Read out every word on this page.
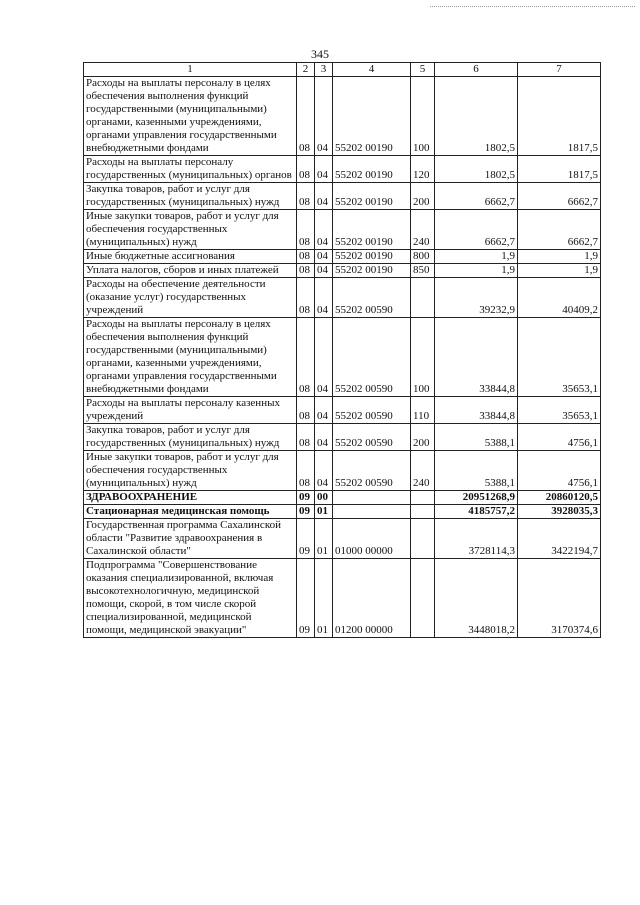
345
1	2	3	4	5	6	7
Расходы на выплаты персоналу в целях обеспечения выполнения функций государственными (муниципальными) органами, казенными учреждениями, органами управления государственными внебюджетными фондами	08	04	55202 00190	100	1802,5	1817,5
Расходы на выплаты персоналу государственных (муниципальных) органов	08	04	55202 00190	120	1802,5	1817,5
Закупка товаров, работ и услуг для государственных (муниципальных) нужд	08	04	55202 00190	200	6662,7	6662,7
Иные закупки товаров, работ и услуг для обеспечения государственных (муниципальных) нужд	08	04	55202 00190	240	6662,7	6662,7
Иные бюджетные ассигнования	08	04	55202 00190	800	1,9	1,9
Уплата налогов, сборов и иных платежей	08	04	55202 00190	850	1,9	1,9
Расходы на обеспечение деятельности (оказание услуг) государственных учреждений	08	04	55202 00590		39232,9	40409,2
Расходы на выплаты персоналу в целях обеспечения выполнения функций государственными (муниципальными) органами, казенными учреждениями, органами управления государственными внебюджетными фондами	08	04	55202 00590	100	33844,8	35653,1
Расходы на выплаты персоналу казенных учреждений	08	04	55202 00590	110	33844,8	35653,1
Закупка товаров, работ и услуг для государственных (муниципальных) нужд	08	04	55202 00590	200	5388,1	4756,1
Иные закупки товаров, работ и услуг для обеспечения государственных (муниципальных) нужд	08	04	55202 00590	240	5388,1	4756,1
ЗДРАВООХРАНЕНИЕ	09	00			20951268,9	20860120,5
Стационарная медицинская помощь	09	01			4185757,2	3928035,3
Государственная программа Сахалинской области "Развитие здравоохранения в Сахалинской области"	09	01	01000 00000		3728114,3	3422194,7
Подпрограмма "Совершенствование оказания специализированной, включая высокотехнологичную, медицинской помощи, скорой, в том числе скорой специализированной, медицинской помощи, медицинской эвакуации"	09	01	01200 00000		3448018,2	3170374,6
